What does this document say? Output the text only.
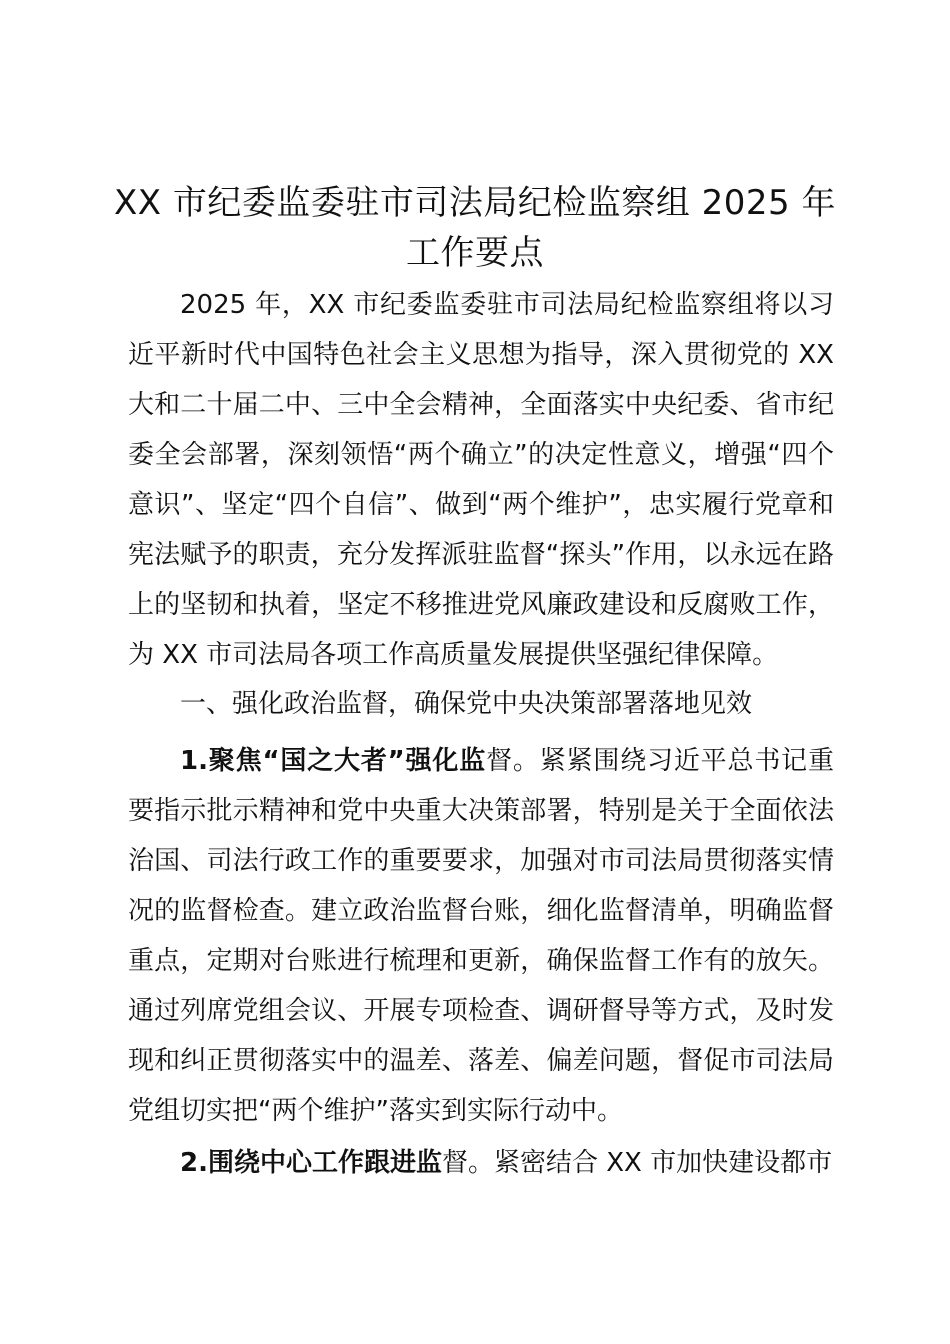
XX 市纪委监委驻市司法局纪检监察组 2025 年工作要点

2025 年，XX 市纪委监委驻市司法局纪检监察组将以习近平新时代中国特色社会主义思想为指导，深入贯彻党的 XX 大和二十届二中、三中全会精神，全面落实中央纪委、省市纪委全会部署，深刻领悟“两个确立”的决定性意义，增强“四个意识”、坚定“四个自信”、做到“两个维护”，忠实履行党章和宪法赋予的职责，充分发挥派驻监督“探头”作用，以永远在路上的坚韧和执着，坚定不移推进党风廉政建设和反腐败工作，为 XX 市司法局各项工作高质量发展提供坚强纪律保障。

一、强化政治监督，确保党中央决策部署落地见效

1.聚焦“国之大者”强化监督。紧紧围绕习近平总书记重要指示批示精神和党中央重大决策部署，特别是关于全面依法治国、司法行政工作的重要要求，加强对市司法局贯彻落实情况的监督检查。建立政治监督台账，细化监督清单，明确监督重点，定期对台账进行梳理和更新，确保监督工作有的放矢。通过列席党组会议、开展专项检查、调研督导等方式，及时发现和纠正贯彻落实中的温差、落差、偏差问题，督促市司法局党组切实把“两个维护”落实到实际行动中。

2.围绕中心工作跟进监督。紧密结合 XX 市加快建设都市
